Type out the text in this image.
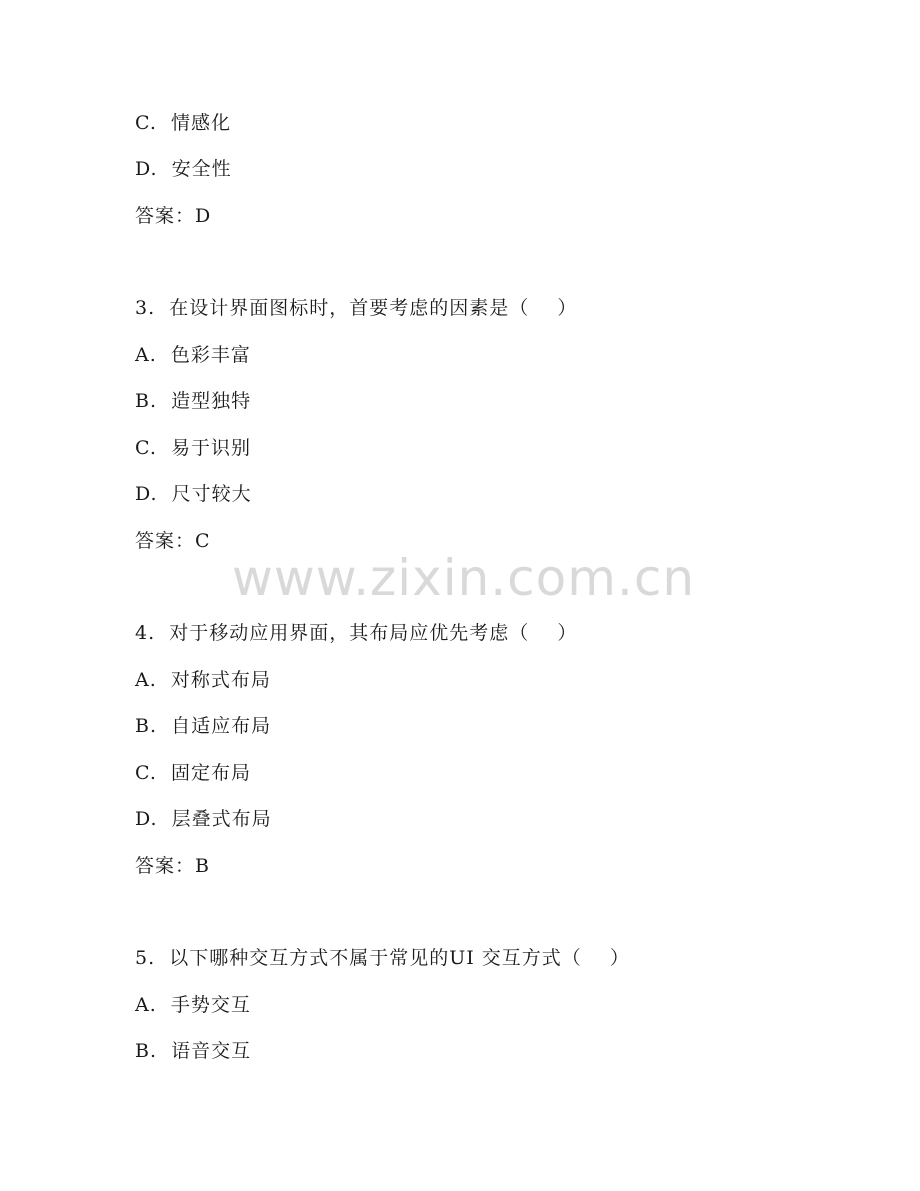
C.  情感化
D.  安全性
答案：D
3.  在设计界面图标时，首要考虑的因素是（    ）
A.  色彩丰富
B.  造型独特
C.  易于识别
D.  尺寸较大
答案：C
www.zixin.com.cn
4.  对于移动应用界面，其布局应优先考虑（    ）
A.  对称式布局
B.  自适应布局
C.  固定布局
D.  层叠式布局
答案：B
5.  以下哪种交互方式不属于常见的UI 交互方式（    ）
A.  手势交互
B.  语音交互
